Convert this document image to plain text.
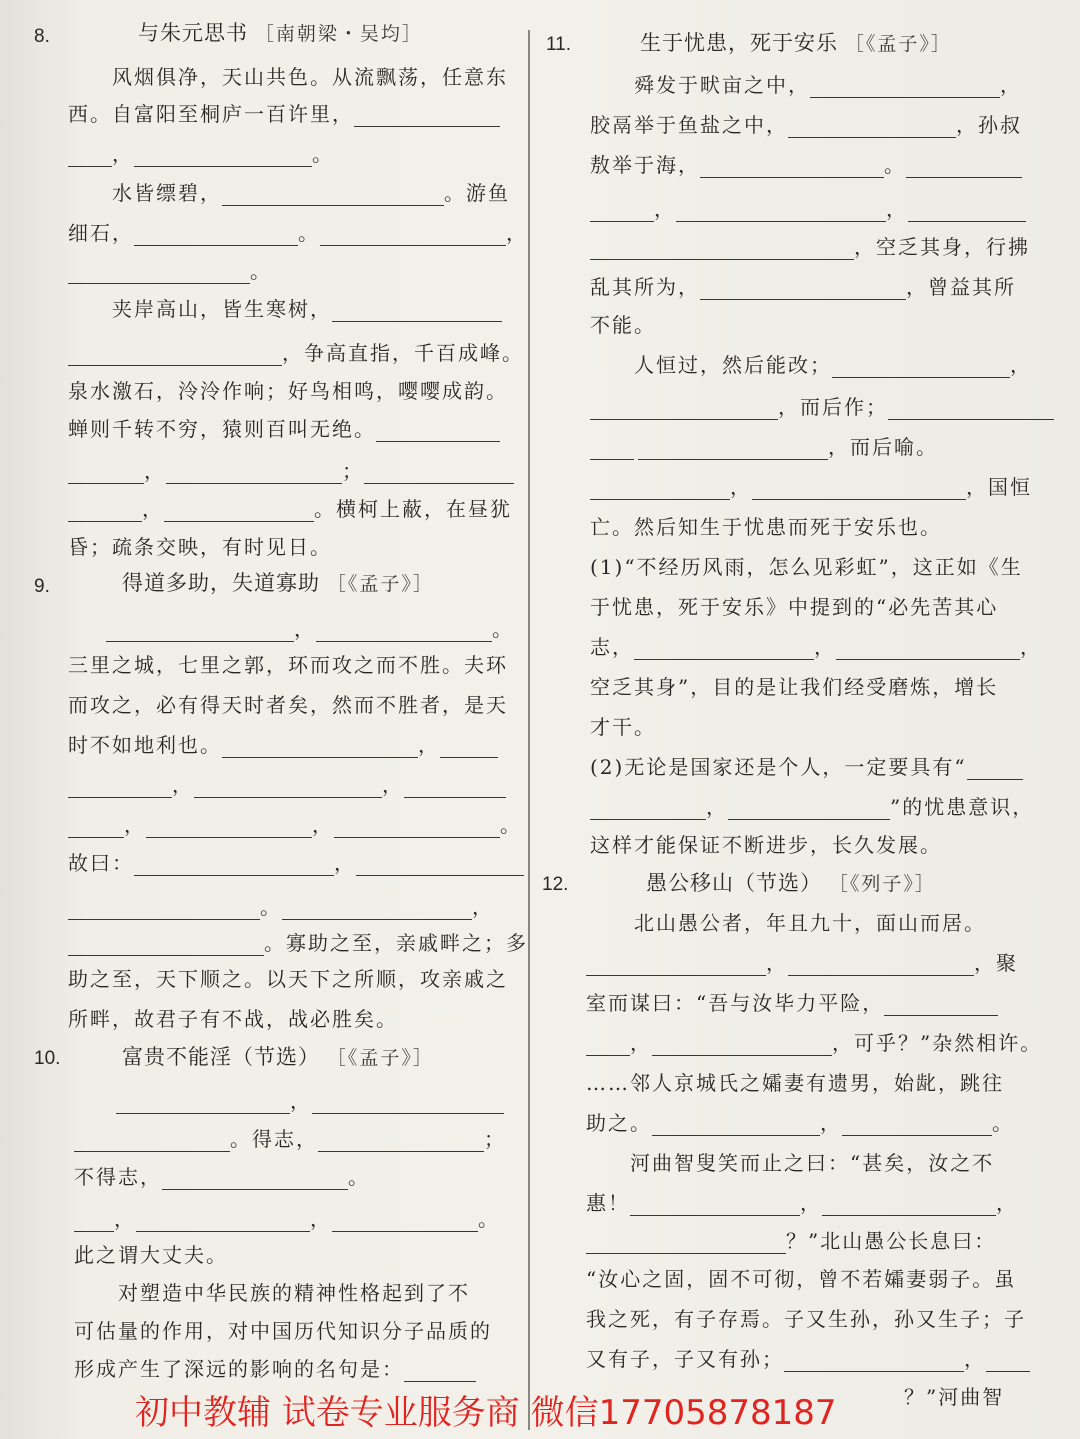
8.	与朱元思书 ［南朝梁・吴均］
风烟俱净，天山共色。从流飘荡，任意东
西。自富阳至桐庐一百许里，
，	。
水皆缥碧，	。游鱼
细石，	。	，
。
夹岸高山，皆生寒树，
，争高直指，千百成峰。
泉水激石，泠泠作响；好鸟相鸣，嘤嘤成韵。
蝉则千转不穷，猿则百叫无绝。
，	；
，	。横柯上蔽，在昼犹
昏；疏条交映，有时见日。
9.	得道多助，失道寡助 ［《孟子》］
，	。
三里之城，七里之郭，环而攻之而不胜。夫环
而攻之，必有得天时者矣，然而不胜者，是天
时不如地利也。	，
，	，
，	，	。
故曰：	，
。	，
。寡助之至，亲戚畔之；多
助之至，天下顺之。以天下之所顺，攻亲戚之
所畔，故君子有不战，战必胜矣。
10.	富贵不能淫（节选） ［《孟子》］
，
。得志，	；
不得志，	。
，	，	。
此之谓大丈夫。
对塑造中华民族的精神性格起到了不
可估量的作用，对中国历代知识分子品质的
形成产生了深远的影响的名句是：
11.	生于忧患，死于安乐 ［《孟子》］
舜发于畎亩之中，	，
胶鬲举于鱼盐之中，	，孙叔
敖举于海，	。
，	，
，空乏其身，行拂
乱其所为，	，曾益其所
不能。
人恒过，然后能改；	，
，而后作；
，而后喻。
，	，国恒
亡。然后知生于忧患而死于安乐也。
(1)“不经历风雨，怎么见彩虹”，这正如《生
于忧患，死于安乐》中提到的“必先苦其心
志，	，	，
空乏其身”，目的是让我们经受磨炼，增长
才干。
(2)无论是国家还是个人，一定要具有“
，	”的忧患意识，
这样才能保证不断进步，长久发展。
12.	愚公移山（节选） ［《列子》］
北山愚公者，年且九十，面山而居。
，	，聚
室而谋曰：“吾与汝毕力平险，
，	，可乎？”杂然相许。
……邻人京城氏之孀妻有遗男，始龀，跳往
助之。	，	。
河曲智叟笑而止之曰：“甚矣，汝之不
惠！	，	，
？”北山愚公长息曰：
“汝心之固，固不可彻，曾不若孀妻弱子。虽
我之死，有子存焉。子又生孙，孙又生子；子
又有子，子又有孙；	，
？”河曲智
初中教辅 试卷专业服务商 微信17705878187
